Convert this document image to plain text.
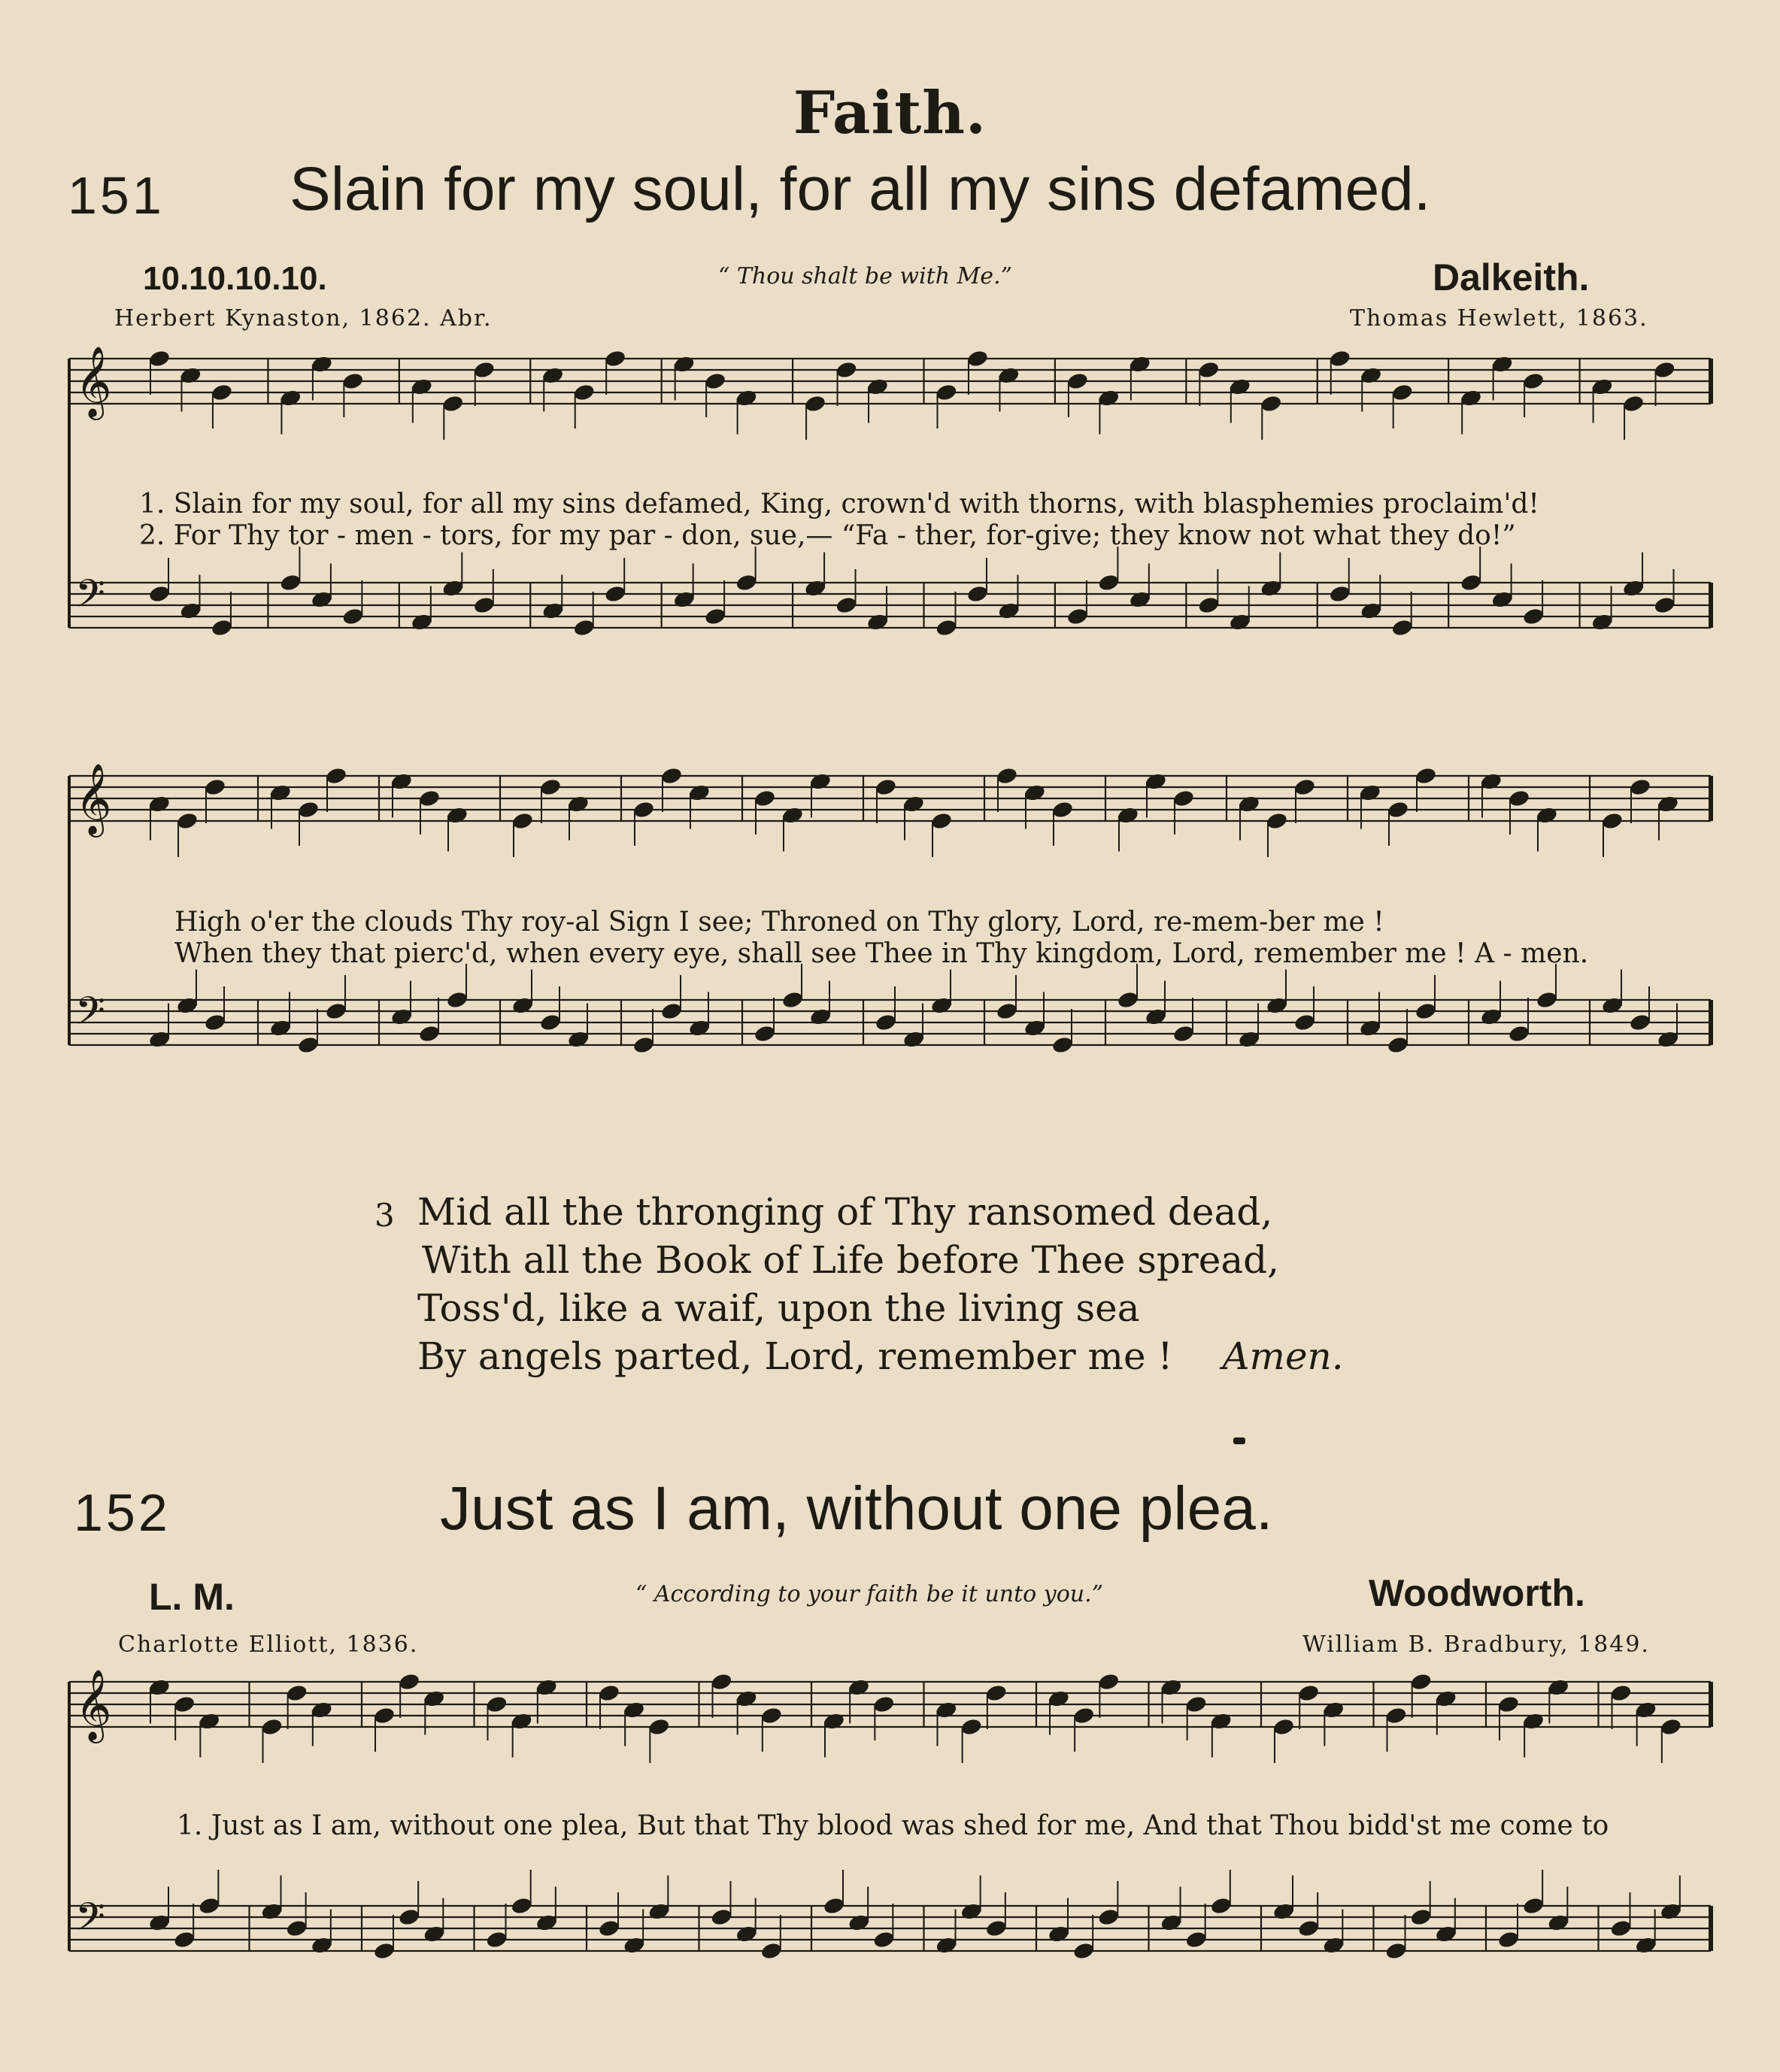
Faith.
151 Slain for my soul, for all my sins defamed.
10.10.10.10.	“ Thou shalt be with Me.”	Dalkeith.
Herbert Kynaston, 1862. Abr.	Thomas Hewlett, 1863.
𝄞
𝄢
1. Slain for my soul, for all my sins defamed, King, crown'd with thorns, with blasphemies proclaim'd!
2. For Thy tor - men - tors, for my par - don, sue,— “Fa - ther, for-give; they know not what they do!”
𝄞
𝄢
High o'er the clouds Thy roy-al Sign I see; Throned on Thy glory, Lord, re-mem-ber me !
When they that pierc'd, when every eye, shall see Thee in Thy kingdom, Lord, remember me ! A - men.
3 Mid all the thronging of Thy ransomed dead,
With all the Book of Life before Thee spread,
Toss'd, like a waif, upon the living sea
By angels parted, Lord, remember me ! Amen.
152	Just as I am, without one plea.
L. M.	“ According to your faith be it unto you.”	Woodworth.
Charlotte Elliott, 1836.	William B. Bradbury, 1849.
𝄞
𝄢
1. Just as I am, without one plea, But that Thy blood was shed for me, And that Thou bidd'st me come to
